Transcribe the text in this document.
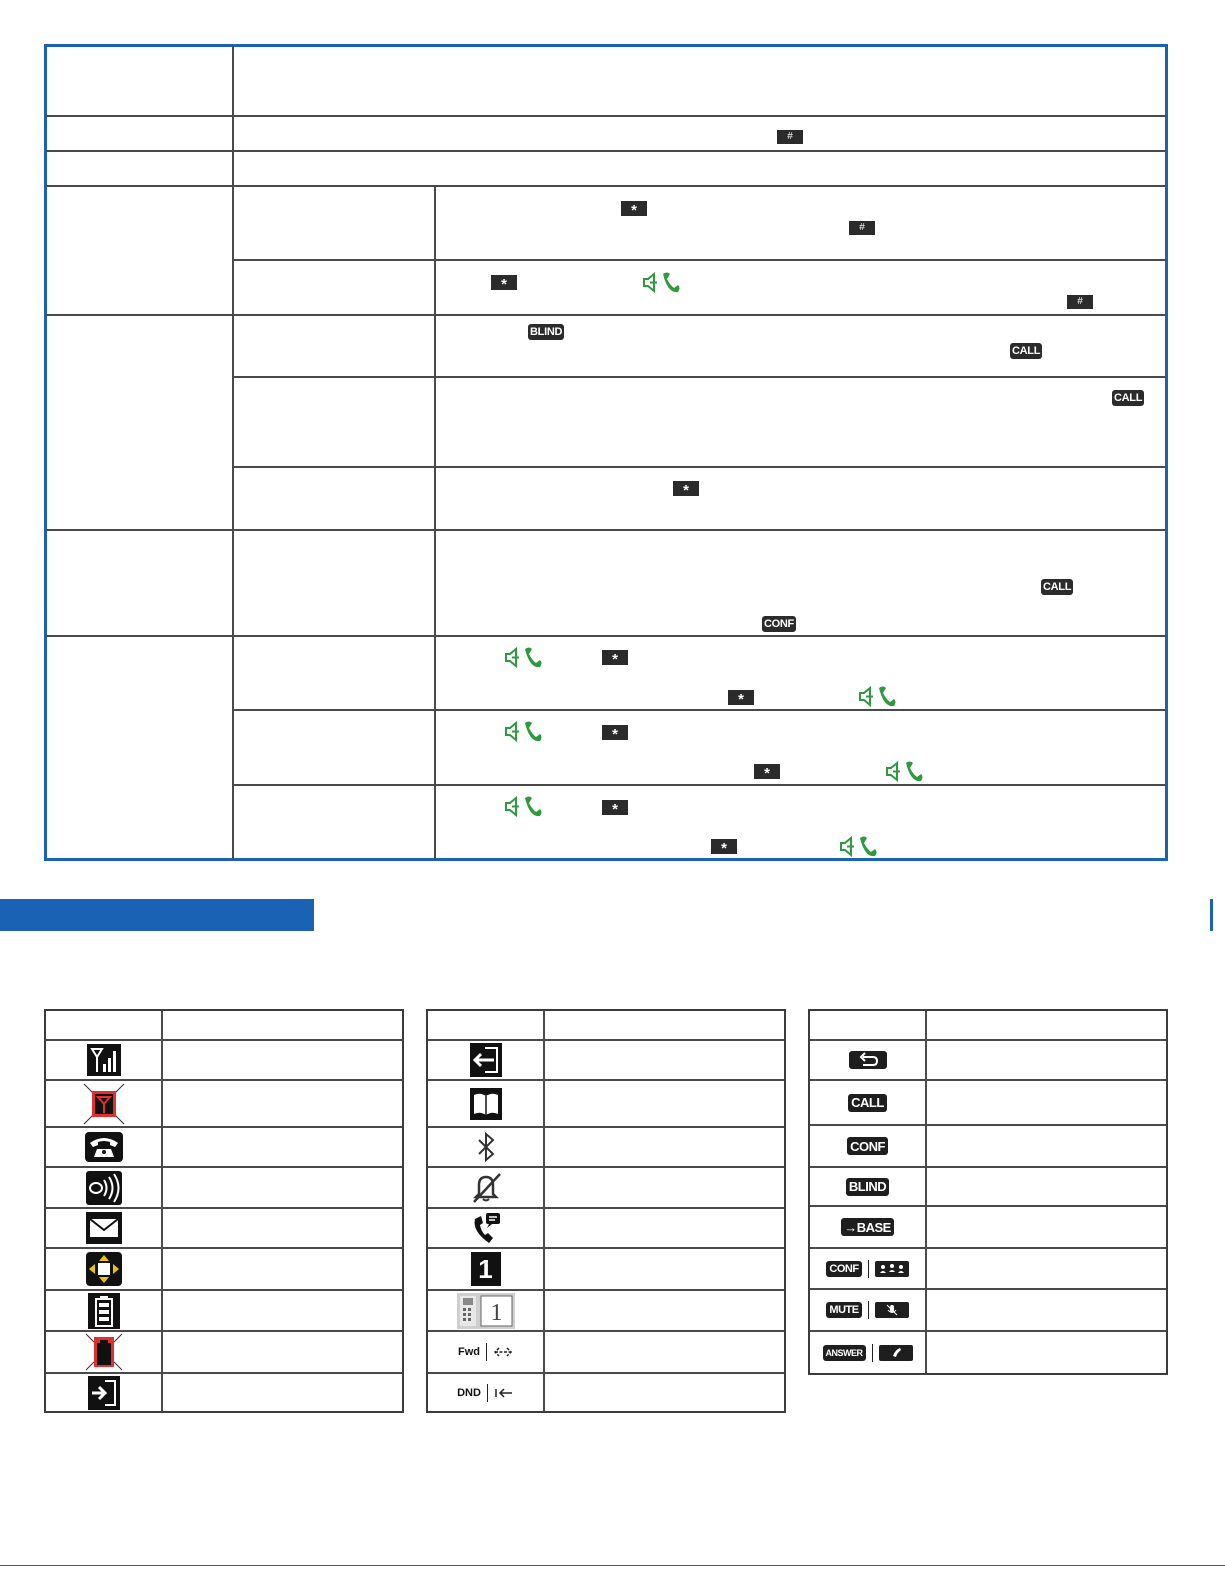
#
*
#
*
#
BLIND
CALL
CALL
*
CALL
CONF
*
*
*
*
*
*
1
1
Fwd
DND
CALL
CONF
BLIND
→ BASE
CONF
MUTE
ANSWER
